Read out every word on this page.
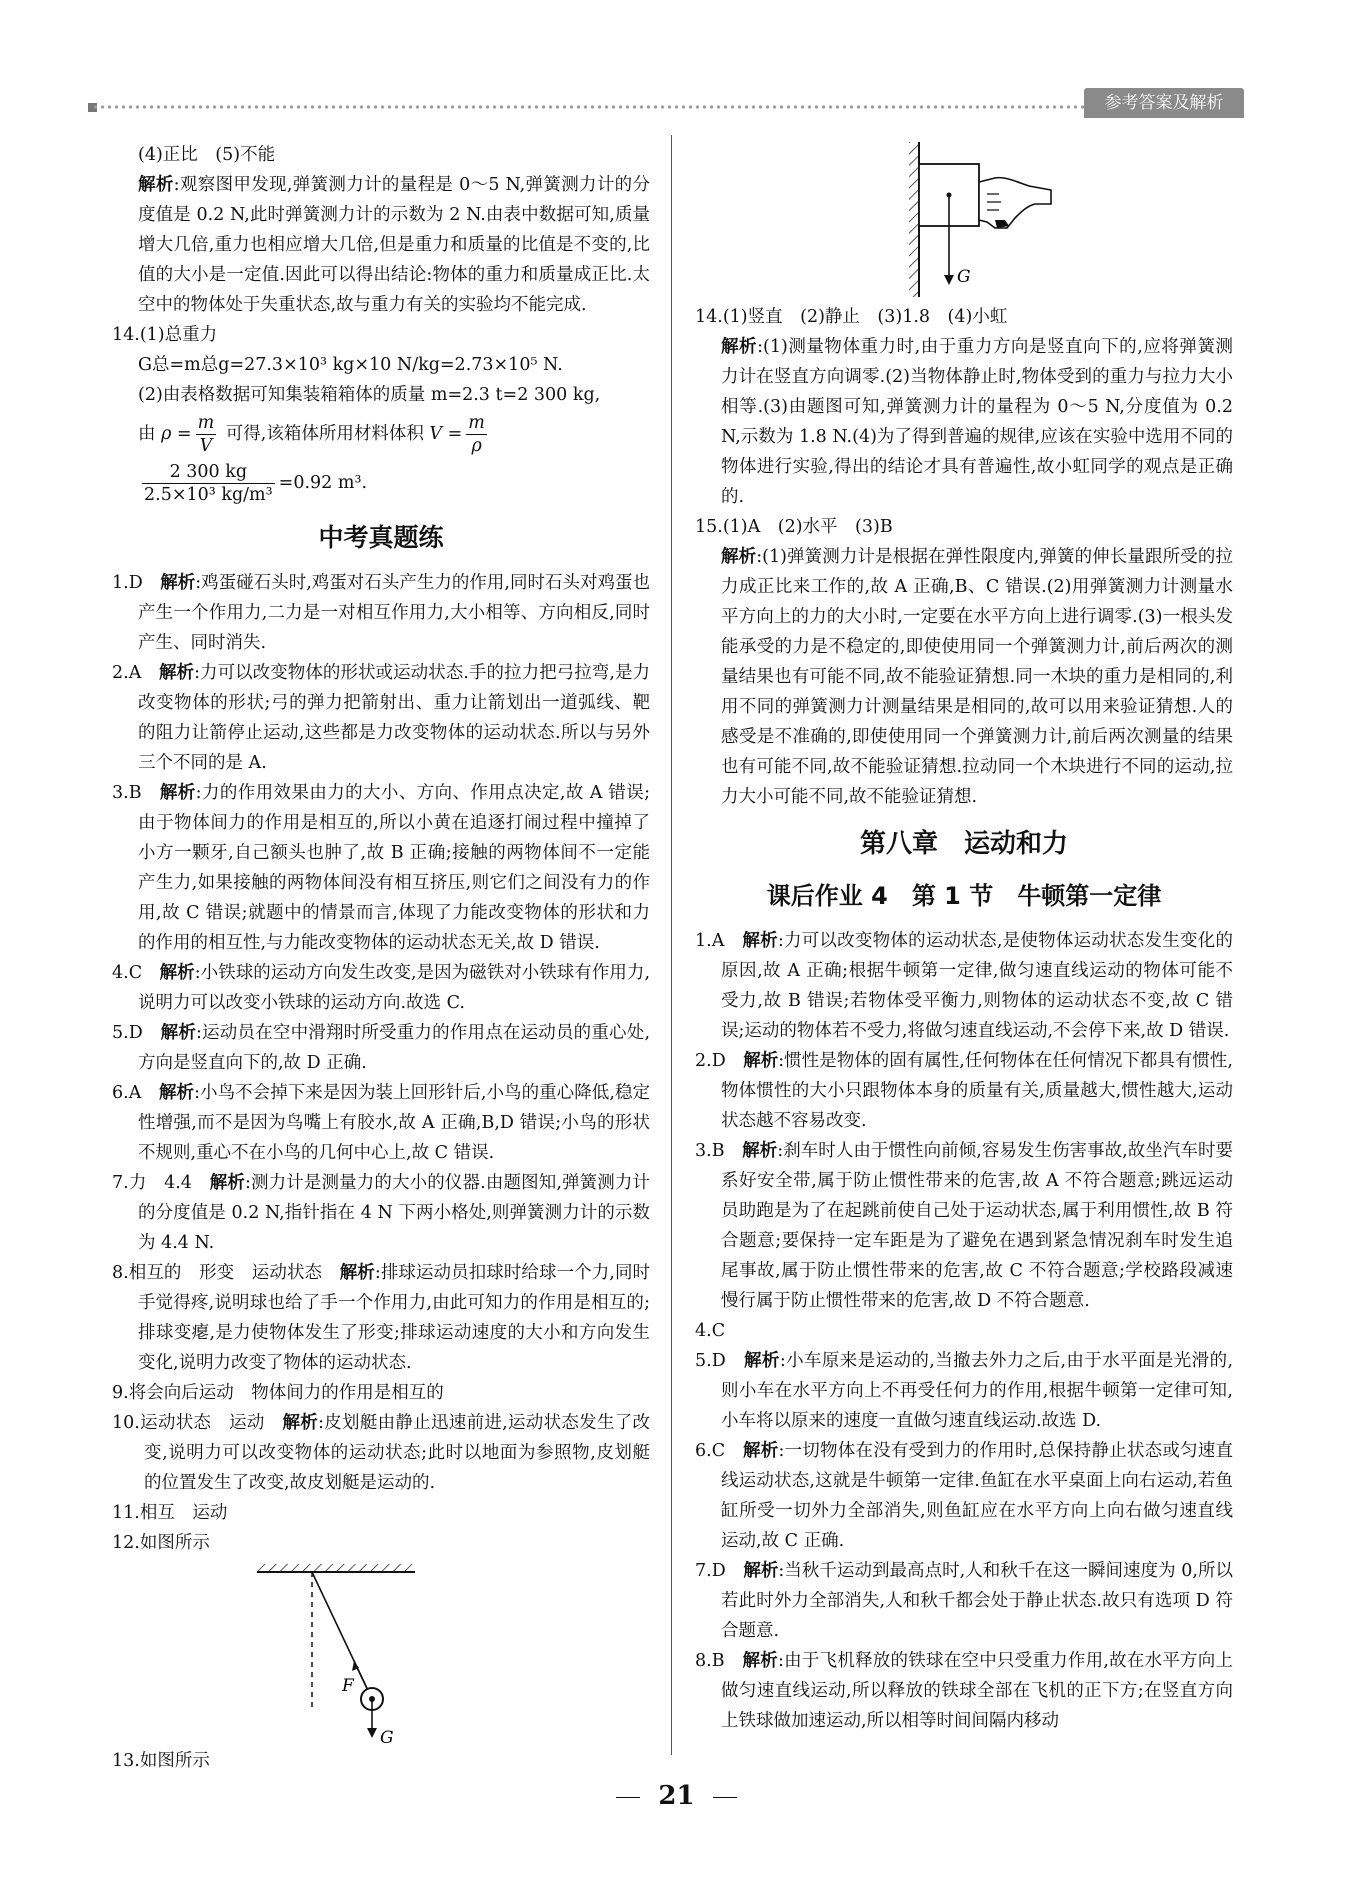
参考答案及解析

(4)正比　(5)不能

解析:观察图甲发现,弹簧测力计的量程是 0～5 N,弹簧测力计的分度值是 0.2 N,此时弹簧测力计的示数为 2 N.由表中数据可知,质量增大几倍,重力也相应增大几倍,但是重力和质量的比值是不变的,比值的大小是一定值.因此可以得出结论:物体的重力和质量成正比.太空中的物体处于失重状态,故与重力有关的实验均不能完成.

14.(1)总重力

G总=m总g=27.3×10³ kg×10 N/kg=2.73×10⁵ N.

(2)由表格数据可知集装箱箱体的质量 m=2.3 t=2 300 kg,

由 $\rho = \frac{m}{V}$ 可得,该箱体所用材料体积 $V = \frac{m}{\rho}$

$\frac{2 300 kg}{\text{2.5×10³ kg/m³}} =0.92$ m³.

中考真题练

1.D　 解析:鸡蛋碰石头时,鸡蛋对石头产生力的作用,同时石头对鸡蛋也产生一个作用力,二力是一对相互作用力,大小相等、方向相反,同时产生、同时消失.

2.A　 解析:力可以改变物体的形状或运动状态.手的拉力把弓拉弯,是力改变物体的形状;弓的弹力把箭射出、重力让箭划出一道弧线、靶的阻力让箭停止运动,这些都是力改变物体的运动状态.所以与另外三个不同的是 A.

3.B　 解析:力的作用效果由力的大小、方向、作用点决定,故 A 错误;由于物体间力的作用是相互的,所以小黄在追逐打闹过程中撞掉了小方一颗牙,自己额头也肿了,故 B 正确;接触的两物体间不一定能产生力,如果接触的两物体间没有相互挤压,则它们之间没有力的作用,故 C 错误;就题中的情景而言,体现了力能改变物体的形状和力的作用的相互性,与力能改变物体的运动状态无关,故 D 错误.

4.C　 解析:小铁球的运动方向发生改变,是因为磁铁对小铁球有作用力,说明力可以改变小铁球的运动方向.故选 C.

5.D　 解析:运动员在空中滑翔时所受重力的作用点在运动员的重心处,方向是竖直向下的,故 D 正确.

6.A　 解析:小鸟不会掉下来是因为装上回形针后,小鸟的重心降低,稳定性增强,而不是因为鸟嘴上有胶水,故 A 正确,B,D 错误;小鸟的形状不规则,重心不在小鸟的几何中心上,故 C 错误.

7.力　4.4　 解析:测力计是测量力的大小的仪器.由题图知,弹簧测力计的分度值是 0.2 N,指针指在 4 N 下两小格处,则弹簧测力计的示数为 4.4 N.

8.相互的　形变　运动状态　 解析:排球运动员扣球时给球一个力,同时手觉得疼,说明球也给了手一个作用力,由此可知力的作用是相互的;排球变瘪,是力使物体发生了形变;排球运动速度的大小和方向发生变化,说明力改变了物体的运动状态.

9.将会向后运动　物体间力的作用是相互的

10.运动状态　运动　 解析:皮划艇由静止迅速前进,运动状态发生了改变,说明力可以改变物体的运动状态;此时以地面为参照物,皮划艇的位置发生了改变,故皮划艇是运动的.

11.相互　运动

12.如图所示

F
G

13.如图所示

G

14.(1)竖直　(2)静止　(3)1.8　(4)小虹

解析:(1)测量物体重力时,由于重力方向是竖直向下的,应将弹簧测力计在竖直方向调零.(2)当物体静止时,物体受到的重力与拉力大小相等.(3)由题图可知,弹簧测力计的量程为 0～5 N,分度值为 0.2 N,示数为 1.8 N.(4)为了得到普遍的规律,应该在实验中选用不同的物体进行实验,得出的结论才具有普遍性,故小虹同学的观点是正确的.

15.(1)A　(2)水平　(3)B

解析:(1)弹簧测力计是根据在弹性限度内,弹簧的伸长量跟所受的拉力成正比来工作的,故 A 正确,B、C 错误.(2)用弹簧测力计测量水平方向上的力的大小时,一定要在水平方向上进行调零.(3)一根头发能承受的力是不稳定的,即使使用同一个弹簧测力计,前后两次的测量结果也有可能不同,故不能验证猜想.同一木块的重力是相同的,利用不同的弹簧测力计测量结果是相同的,故可以用来验证猜想.人的感受是不准确的,即使使用同一个弹簧测力计,前后两次测量的结果也有可能不同,故不能验证猜想.拉动同一个木块进行不同的运动,拉力大小可能不同,故不能验证猜想.

第八章　运动和力
课后作业 4　第 1 节　牛顿第一定律

1.A　 解析:力可以改变物体的运动状态,是使物体运动状态发生变化的原因,故 A 正确;根据牛顿第一定律,做匀速直线运动的物体可能不受力,故 B 错误;若物体受平衡力,则物体的运动状态不变,故 C 错误;运动的物体若不受力,将做匀速直线运动,不会停下来,故 D 错误.

2.D　 解析:惯性是物体的固有属性,任何物体在任何情况下都具有惯性,物体惯性的大小只跟物体本身的质量有关,质量越大,惯性越大,运动状态越不容易改变.

3.B　 解析:刹车时人由于惯性向前倾,容易发生伤害事故,故坐汽车时要系好安全带,属于防止惯性带来的危害,故 A 不符合题意;跳远运动员助跑是为了在起跳前使自己处于运动状态,属于利用惯性,故 B 符合题意;要保持一定车距是为了避免在遇到紧急情况刹车时发生追尾事故,属于防止惯性带来的危害,故 C 不符合题意;学校路段减速慢行属于防止惯性带来的危害,故 D 不符合题意.

4.C

5.D　 解析:小车原来是运动的,当撤去外力之后,由于水平面是光滑的,则小车在水平方向上不再受任何力的作用,根据牛顿第一定律可知,小车将以原来的速度一直做匀速直线运动.故选 D.

6.C　 解析:一切物体在没有受到力的作用时,总保持静止状态或匀速直线运动状态,这就是牛顿第一定律.鱼缸在水平桌面上向右运动,若鱼缸所受一切外力全部消失,则鱼缸应在水平方向上向右做匀速直线运动,故 C 正确.

7.D　 解析:当秋千运动到最高点时,人和秋千在这一瞬间速度为 0,所以若此时外力全部消失,人和秋千都会处于静止状态.故只有选项 D 符合题意.

8.B　 解析:由于飞机释放的铁球在空中只受重力作用,故在水平方向上做匀速直线运动,所以释放的铁球全部在飞机的正下方;在竖直方向上铁球做加速运动,所以相等时间间隔内移动

21
